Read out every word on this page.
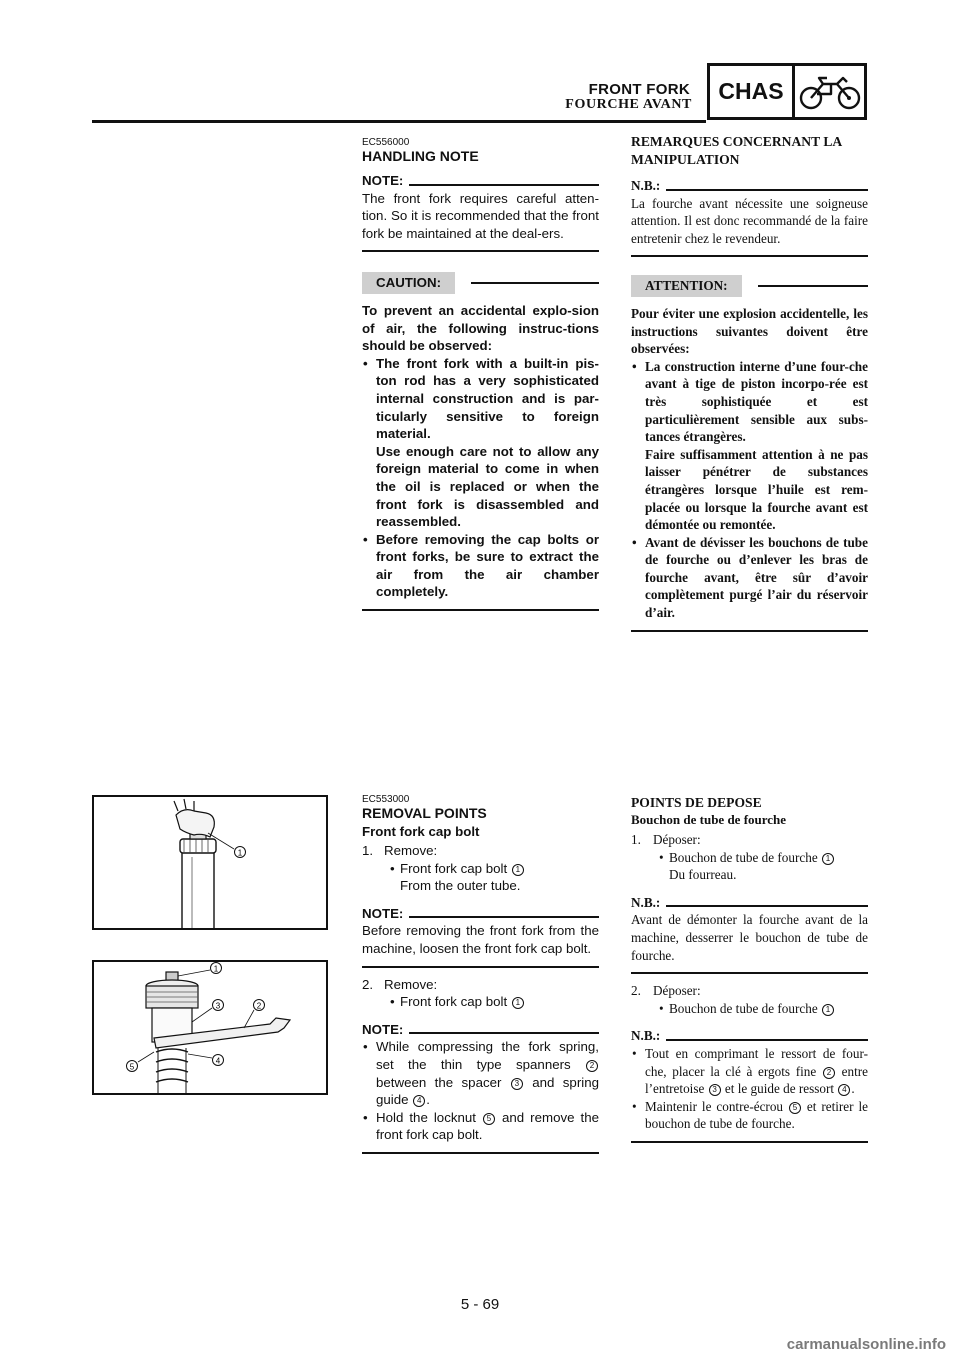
FRONT FORK
FOURCHE AVANT
CHAS
EC556000
HANDLING NOTE
NOTE:
The front fork requires careful atten-tion. So it is recommended that the front fork be maintained at the deal-ers.
CAUTION:
To prevent an accidental explo-sion of air, the following instruc-tions should be observed:
• The front fork with a built-in pis-ton rod has a very sophisticated internal construction and is par-ticularly sensitive to foreign material.
Use enough care not to allow any foreign material to come in when the oil is replaced or when the front fork is disassembled and reassembled.
• Before removing the cap bolts or front forks, be sure to extract the air from the air chamber completely.
REMARQUES CONCERNANT LA MANIPULATION
N.B.:
La fourche avant nécessite une soigneuse attention. Il est donc recommandé de la faire entretenir chez le revendeur.
ATTENTION:
Pour éviter une explosion accidentelle, les instructions suivantes doivent être observées:
• La construction interne d’une four-che avant à tige de piston incorpo-rée est très sophistiquée et est particulièrement sensible aux subs-tances étrangères.
Faire suffisamment attention à ne pas laisser pénétrer de substances étrangères lorsque l’huile est rem-placée ou lorsque la fourche avant est démontée ou remontée.
• Avant de dévisser les bouchons de tube de fourche ou d’enlever les bras de fourche avant, être sûr d’avoir complètement purgé l’air du réservoir d’air.
1
1
2
3
4
5
EC553000
REMOVAL POINTS
Front fork cap bolt
1. Remove:
• Front fork cap bolt 1
From the outer tube.
NOTE:
Before removing the front fork from the machine, loosen the front fork cap bolt.
2. Remove:
• Front fork cap bolt 1
NOTE:
• While compressing the fork spring, set the thin type spanners 2 between the spacer 3 and spring guide 4 .
• Hold the locknut 5 and remove the front fork cap bolt.
POINTS DE DEPOSE
Bouchon de tube de fourche
1. Déposer:
• Bouchon de tube de fourche 1
Du fourreau.
N.B.:
Avant de démonter la fourche avant de la machine, desserrer le bouchon de tube de fourche.
2. Déposer:
• Bouchon de tube de fourche 1
N.B.:
• Tout en comprimant le ressort de four-che, placer la clé à ergots fine 2 entre l’entretoise 3 et le guide de ressort 4 .
• Maintenir le contre-écrou 5 et retirer le bouchon de tube de fourche.
5 - 69
carmanualsonline.info
